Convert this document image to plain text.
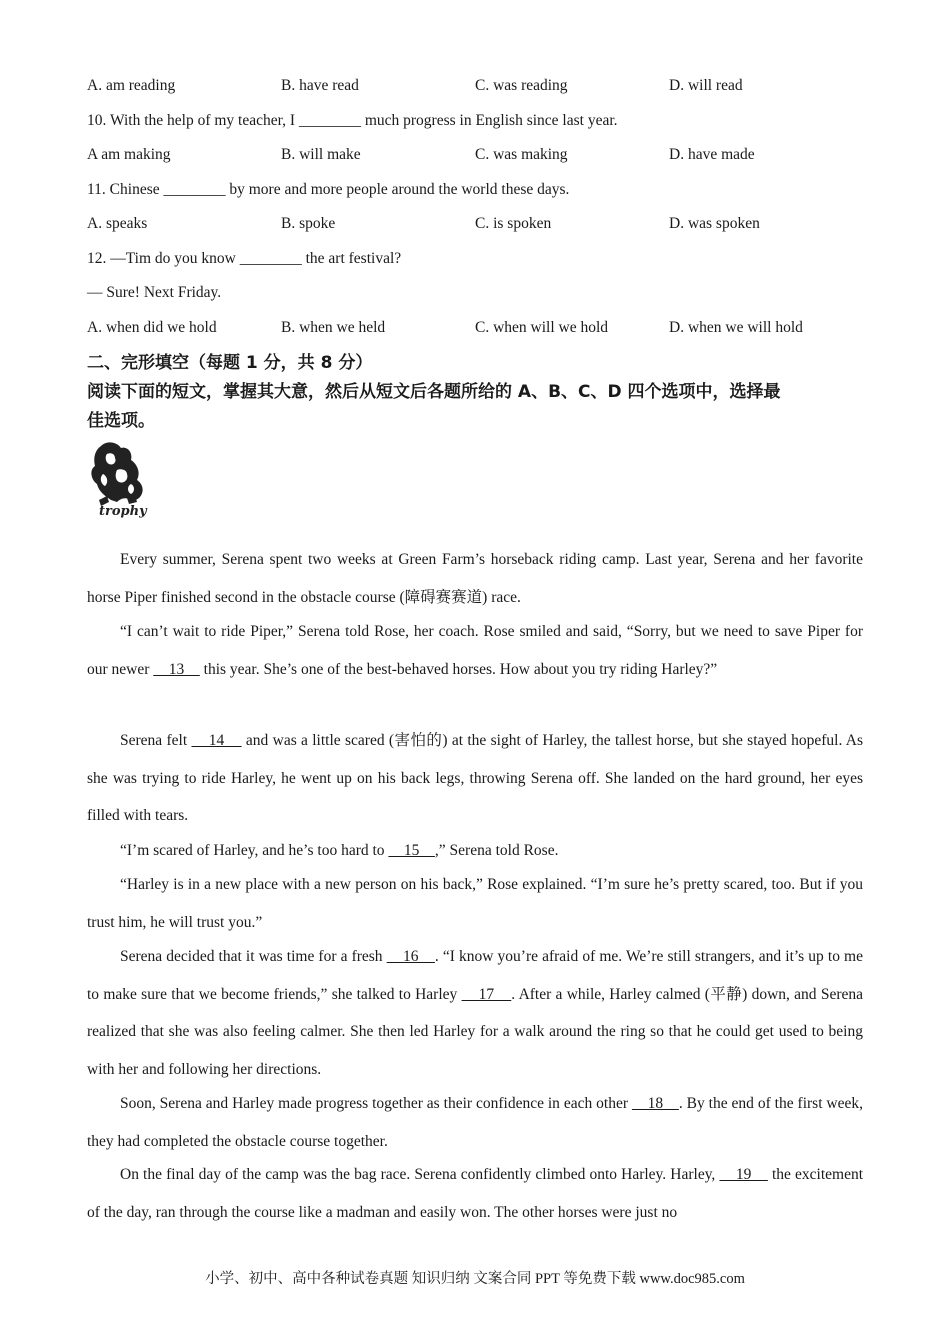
A. am reading	B. have read	C. was reading	D. will read
10. With the help of my teacher, I ________ much progress in English since last year.
A am making	B. will make	C. was making	D. have made
11. Chinese ________ by more and more people around the world these days.
A. speaks	B. spoke	C. is spoken	D. was spoken
12. —Tim do you know ________ the art festival?
— Sure! Next Friday.
A. when did we hold	B. when we held	C. when will we hold	D. when we will hold
二、完形填空（每题 1 分，共 8 分）
阅读下面的短文，掌握其大意，然后从短文后各题所给的 A、B、C、D 四个选项中，选择最
佳选项。
trophy

Every summer, Serena spent two weeks at Green Farm’s horseback riding camp. Last year, Serena and her favorite horse Piper finished second in the obstacle course (障碍赛赛道) race.

“I can’t wait to ride Piper,” Serena told Rose, her coach. Rose smiled and said, “Sorry, but we need to save Piper for our newer     13     this year. She’s one of the best-behaved horses. How about you try riding Harley?”

Serena felt     14     and was a little scared (害怕的) at the sight of Harley, the tallest horse, but she stayed hopeful. As she was trying to ride Harley, he went up on his back legs, throwing Serena off. She landed on the hard ground, her eyes filled with tears.

“I’m scared of Harley, and he’s too hard to     15    ,” Serena told Rose.

“Harley is in a new place with a new person on his back,” Rose explained. “I’m sure he’s pretty scared, too. But if you trust him, he will trust you.”

Serena decided that it was time for a fresh     16    . “I know you’re afraid of me. We’re still strangers, and it’s up to me to make sure that we become friends,” she talked to Harley     17    . After a while, Harley calmed (平静) down, and Serena realized that she was also feeling calmer. She then led Harley for a walk around the ring so that he could get used to being with her and following her directions.

Soon, Serena and Harley made progress together as their confidence in each other     18    . By the end of the first week, they had completed the obstacle course together.

On the final day of the camp was the bag race. Serena confidently climbed onto Harley. Harley,     19     the excitement of the day, ran through the course like a madman and easily won. The other horses were just no

小学、初中、高中各种试卷真题 知识归纳 文案合同 PPT 等免费下载 www.doc985.com
